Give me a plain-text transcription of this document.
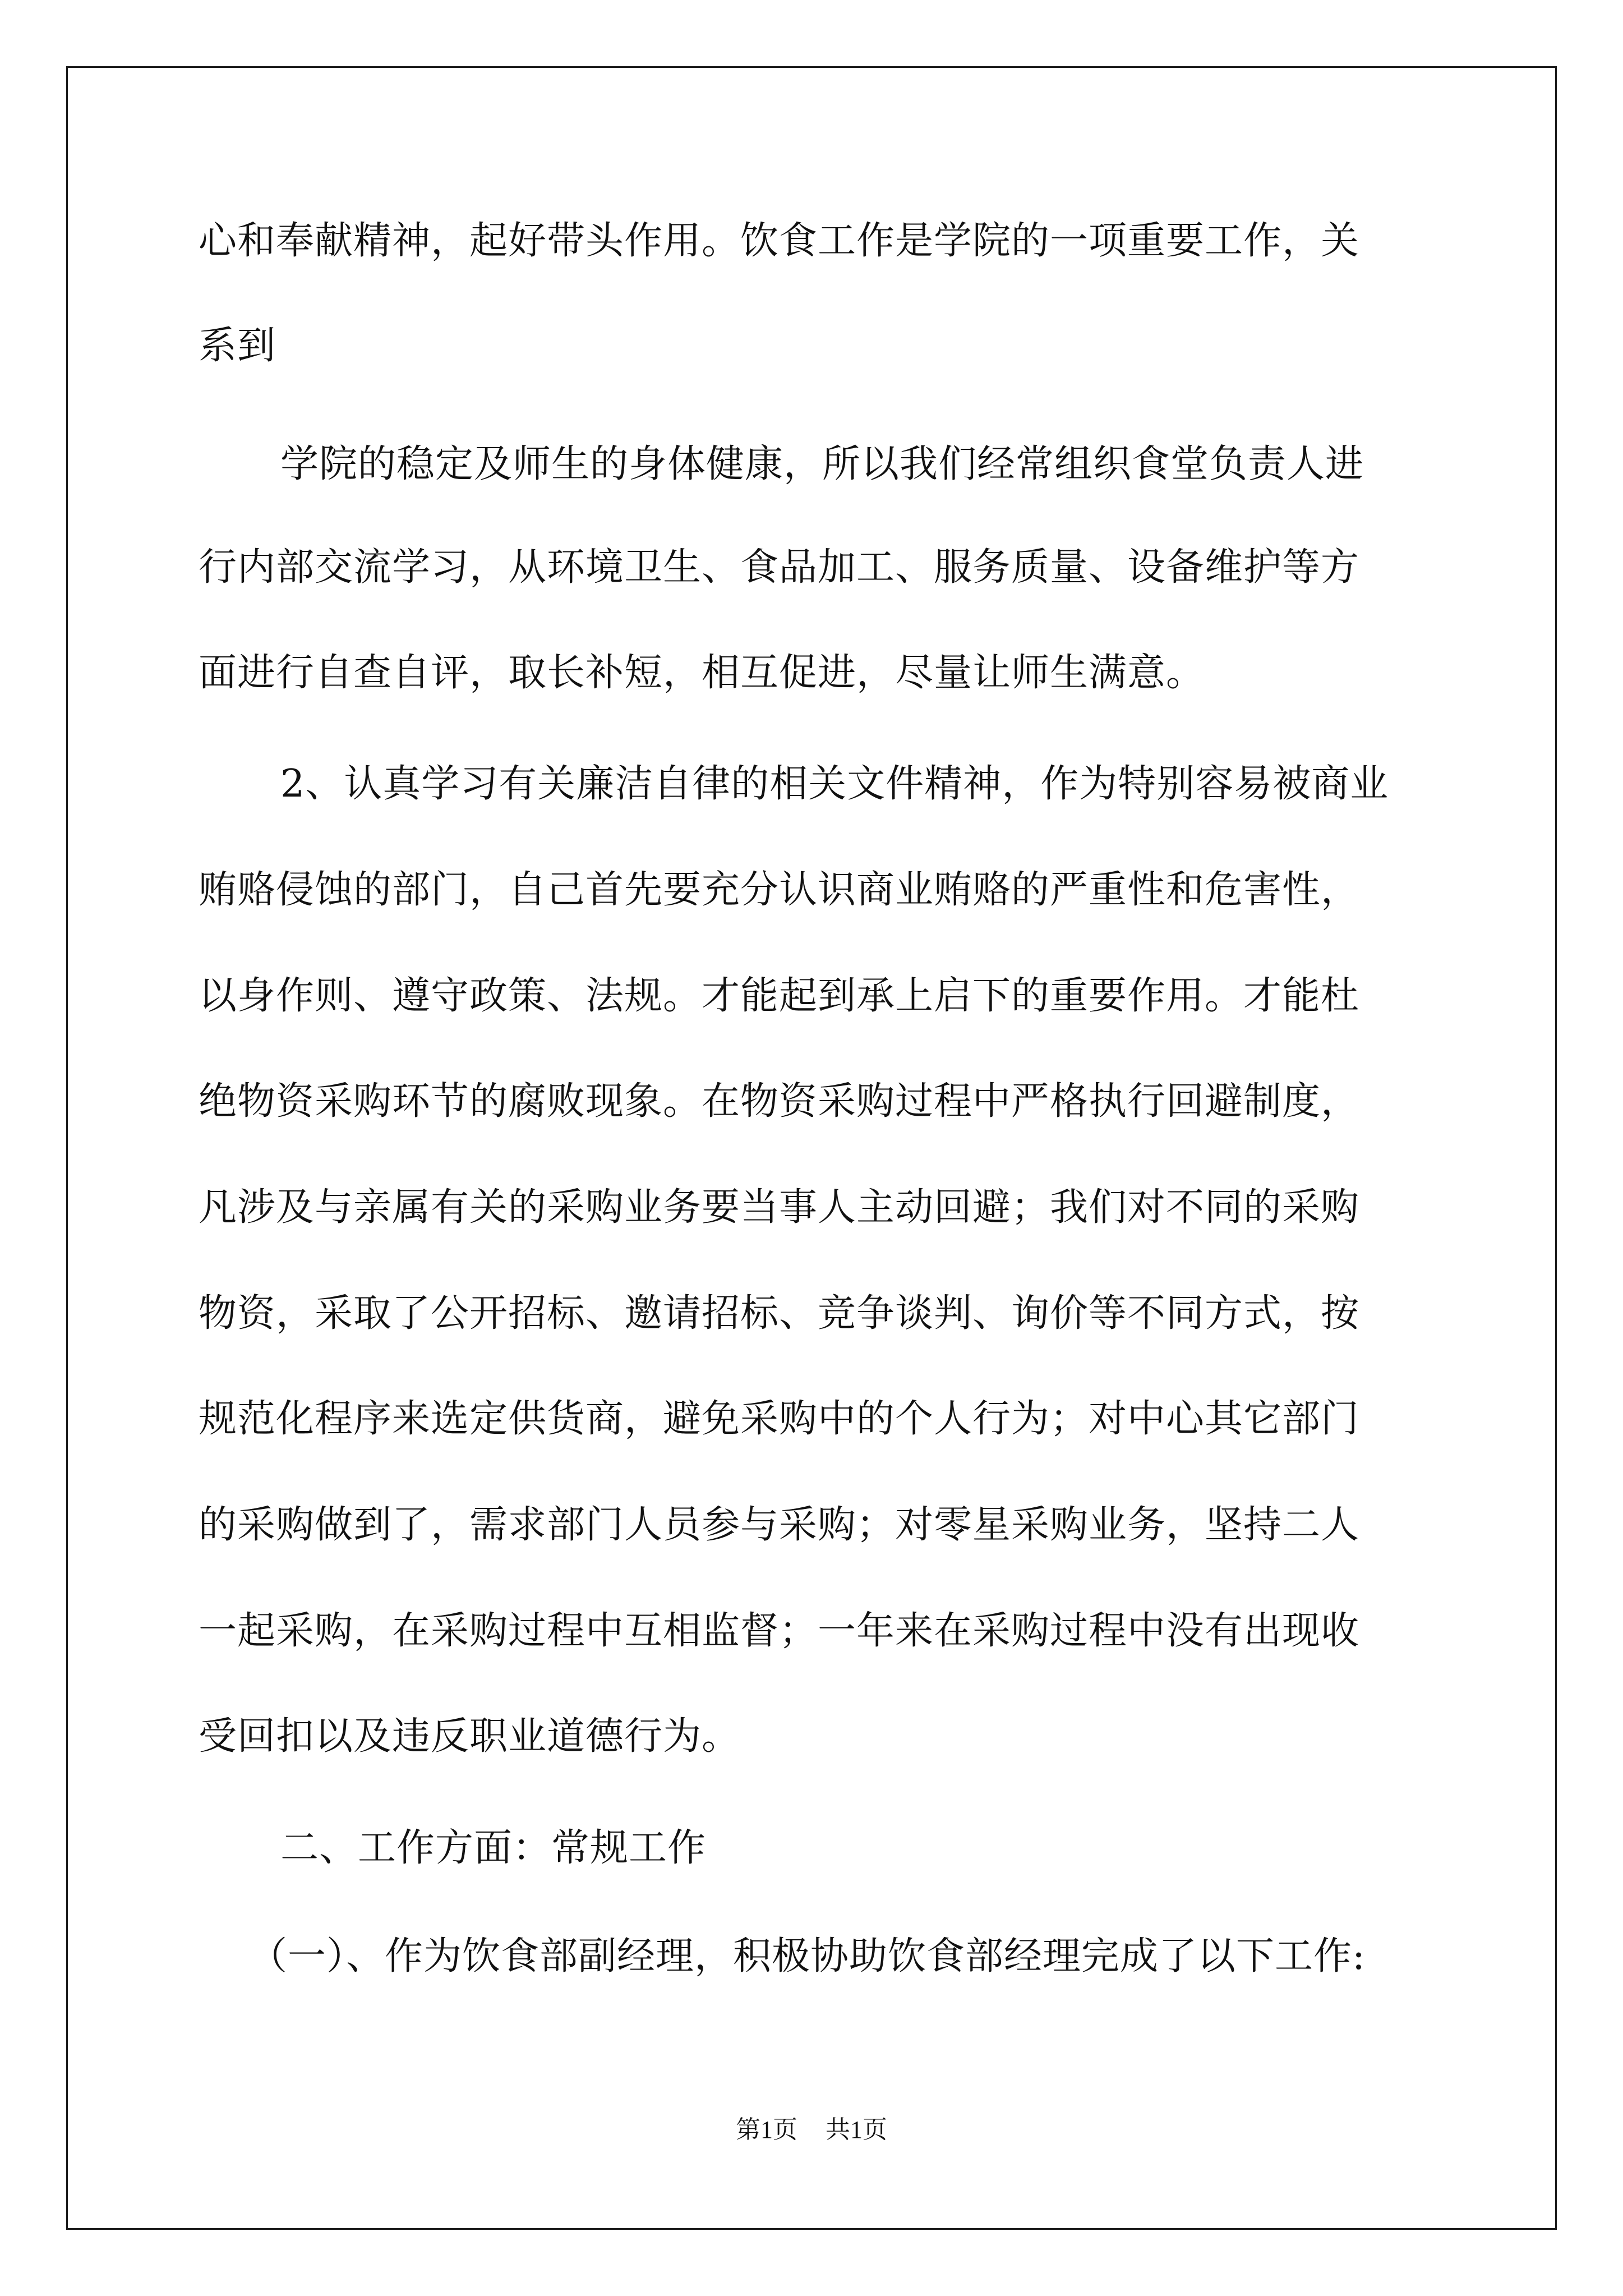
心和奉献精神，起好带头作用。饮食工作是学院的一项重要工作，关
系到
学院的稳定及师生的身体健康，所以我们经常组织食堂负责人进
行内部交流学习，从环境卫生、食品加工、服务质量、设备维护等方
面进行自查自评，取长补短，相互促进，尽量让师生满意。
2、认真学习有关廉洁自律的相关文件精神，作为特别容易被商业
贿赂侵蚀的部门，自己首先要充分认识商业贿赂的严重性和危害性，
以身作则、遵守政策、法规。才能起到承上启下的重要作用。才能杜
绝物资采购环节的腐败现象。在物资采购过程中严格执行回避制度，
凡涉及与亲属有关的采购业务要当事人主动回避；我们对不同的采购
物资，采取了公开招标、邀请招标、竞争谈判、询价等不同方式，按
规范化程序来选定供货商，避免采购中的个人行为；对中心其它部门
的采购做到了，需求部门人员参与采购；对零星采购业务，坚持二人
一起采购，在采购过程中互相监督；一年来在采购过程中没有出现收
受回扣以及违反职业道德行为。
二、工作方面：常规工作
（一）、作为饮食部副经理，积极协助饮食部经理完成了以下工作:
第1页 共1页
